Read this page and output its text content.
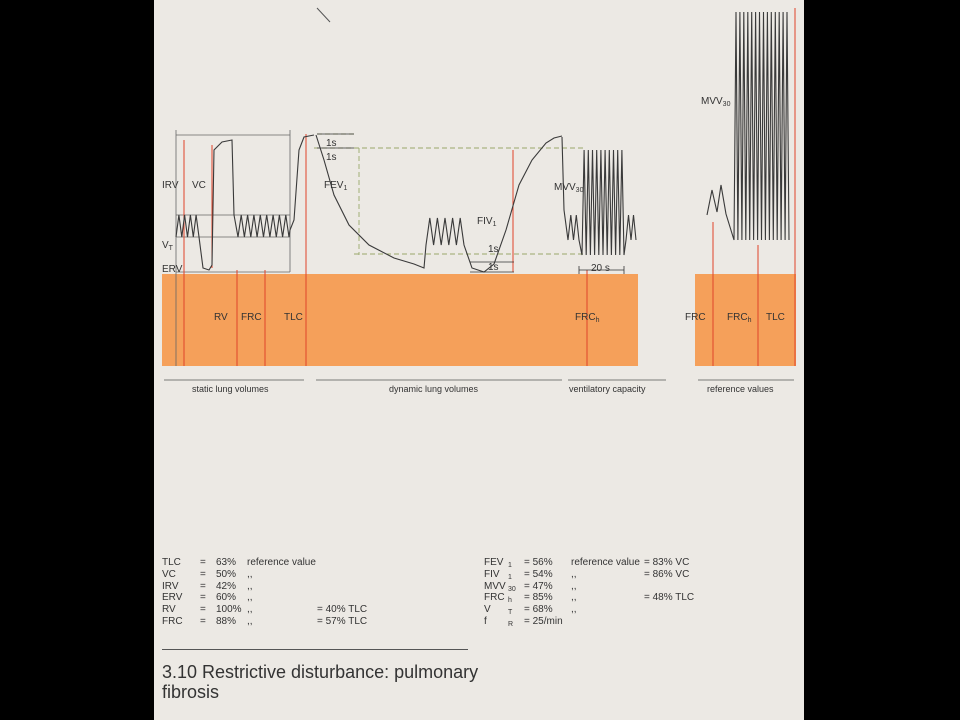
IRV VC
$V_T$
ERV
RV FRC TLC
$FEV_1$
$FIV_1$
$MVV_{30}$
$FRC_h$
$MVV_{30}$
FRC $FRC_h$ TLC
1s
1s
1s
1s	20 s
static lung volumes	dynamic lung volumes	ventilatory capacity	reference values
TLC = 63% reference value
VC = 50% ,,
IRV = 42% ,,
ERV = 60% ,,
RV = 100% ,,	= 40% TLC
FRC = 88% ,,	= 57% TLC
FEV 1 = 56% reference value = 83% VC
FIV 1 = 54% ,,	= 86% VC
MVV 30 = 47% ,,
FRC h = 85% ,,	= 48% TLC
V T = 68% ,,
f	R = 25/min
3.10 Restrictive disturbance: pulmonary fibrosis
